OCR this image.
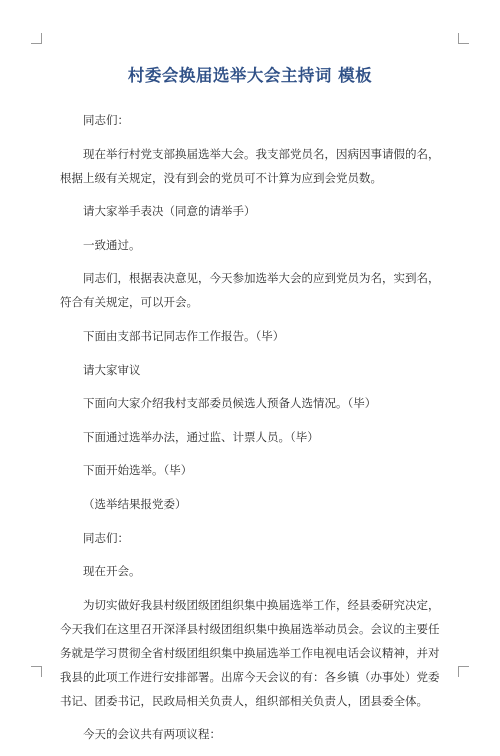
村委会换届选举大会主持词 模板

同志们：

现在举行村党支部换届选举大会。我支部党员名，因病因事请假的名，根据上级有关规定，没有到会的党员可不计算为应到会党员数。

请大家举手表决（同意的请举手）

一致通过。

同志们，根据表决意见，今天参加选举大会的应到党员为名，实到名，符合有关规定，可以开会。

下面由支部书记同志作工作报告。（毕）

请大家审议

下面向大家介绍我村支部委员候选人预备人选情况。（毕）

下面通过选举办法，通过监、计票人员。（毕）

下面开始选举。（毕）

（选举结果报党委）

同志们：

现在开会。

为切实做好我县村级团级团组织集中换届选举工作，经县委研究决定，今天我们在这里召开深泽县村级团组织集中换届选举动员会。会议的主要任务就是学习贯彻全省村级团组织集中换届选举工作电视电话会议精神，并对我县的此项工作进行安排部署。出席今天会议的有：各乡镇（办事处）党委书记、团委书记，民政局相关负责人，组织部相关负责人，团县委全体。

今天的会议共有两项议程：
